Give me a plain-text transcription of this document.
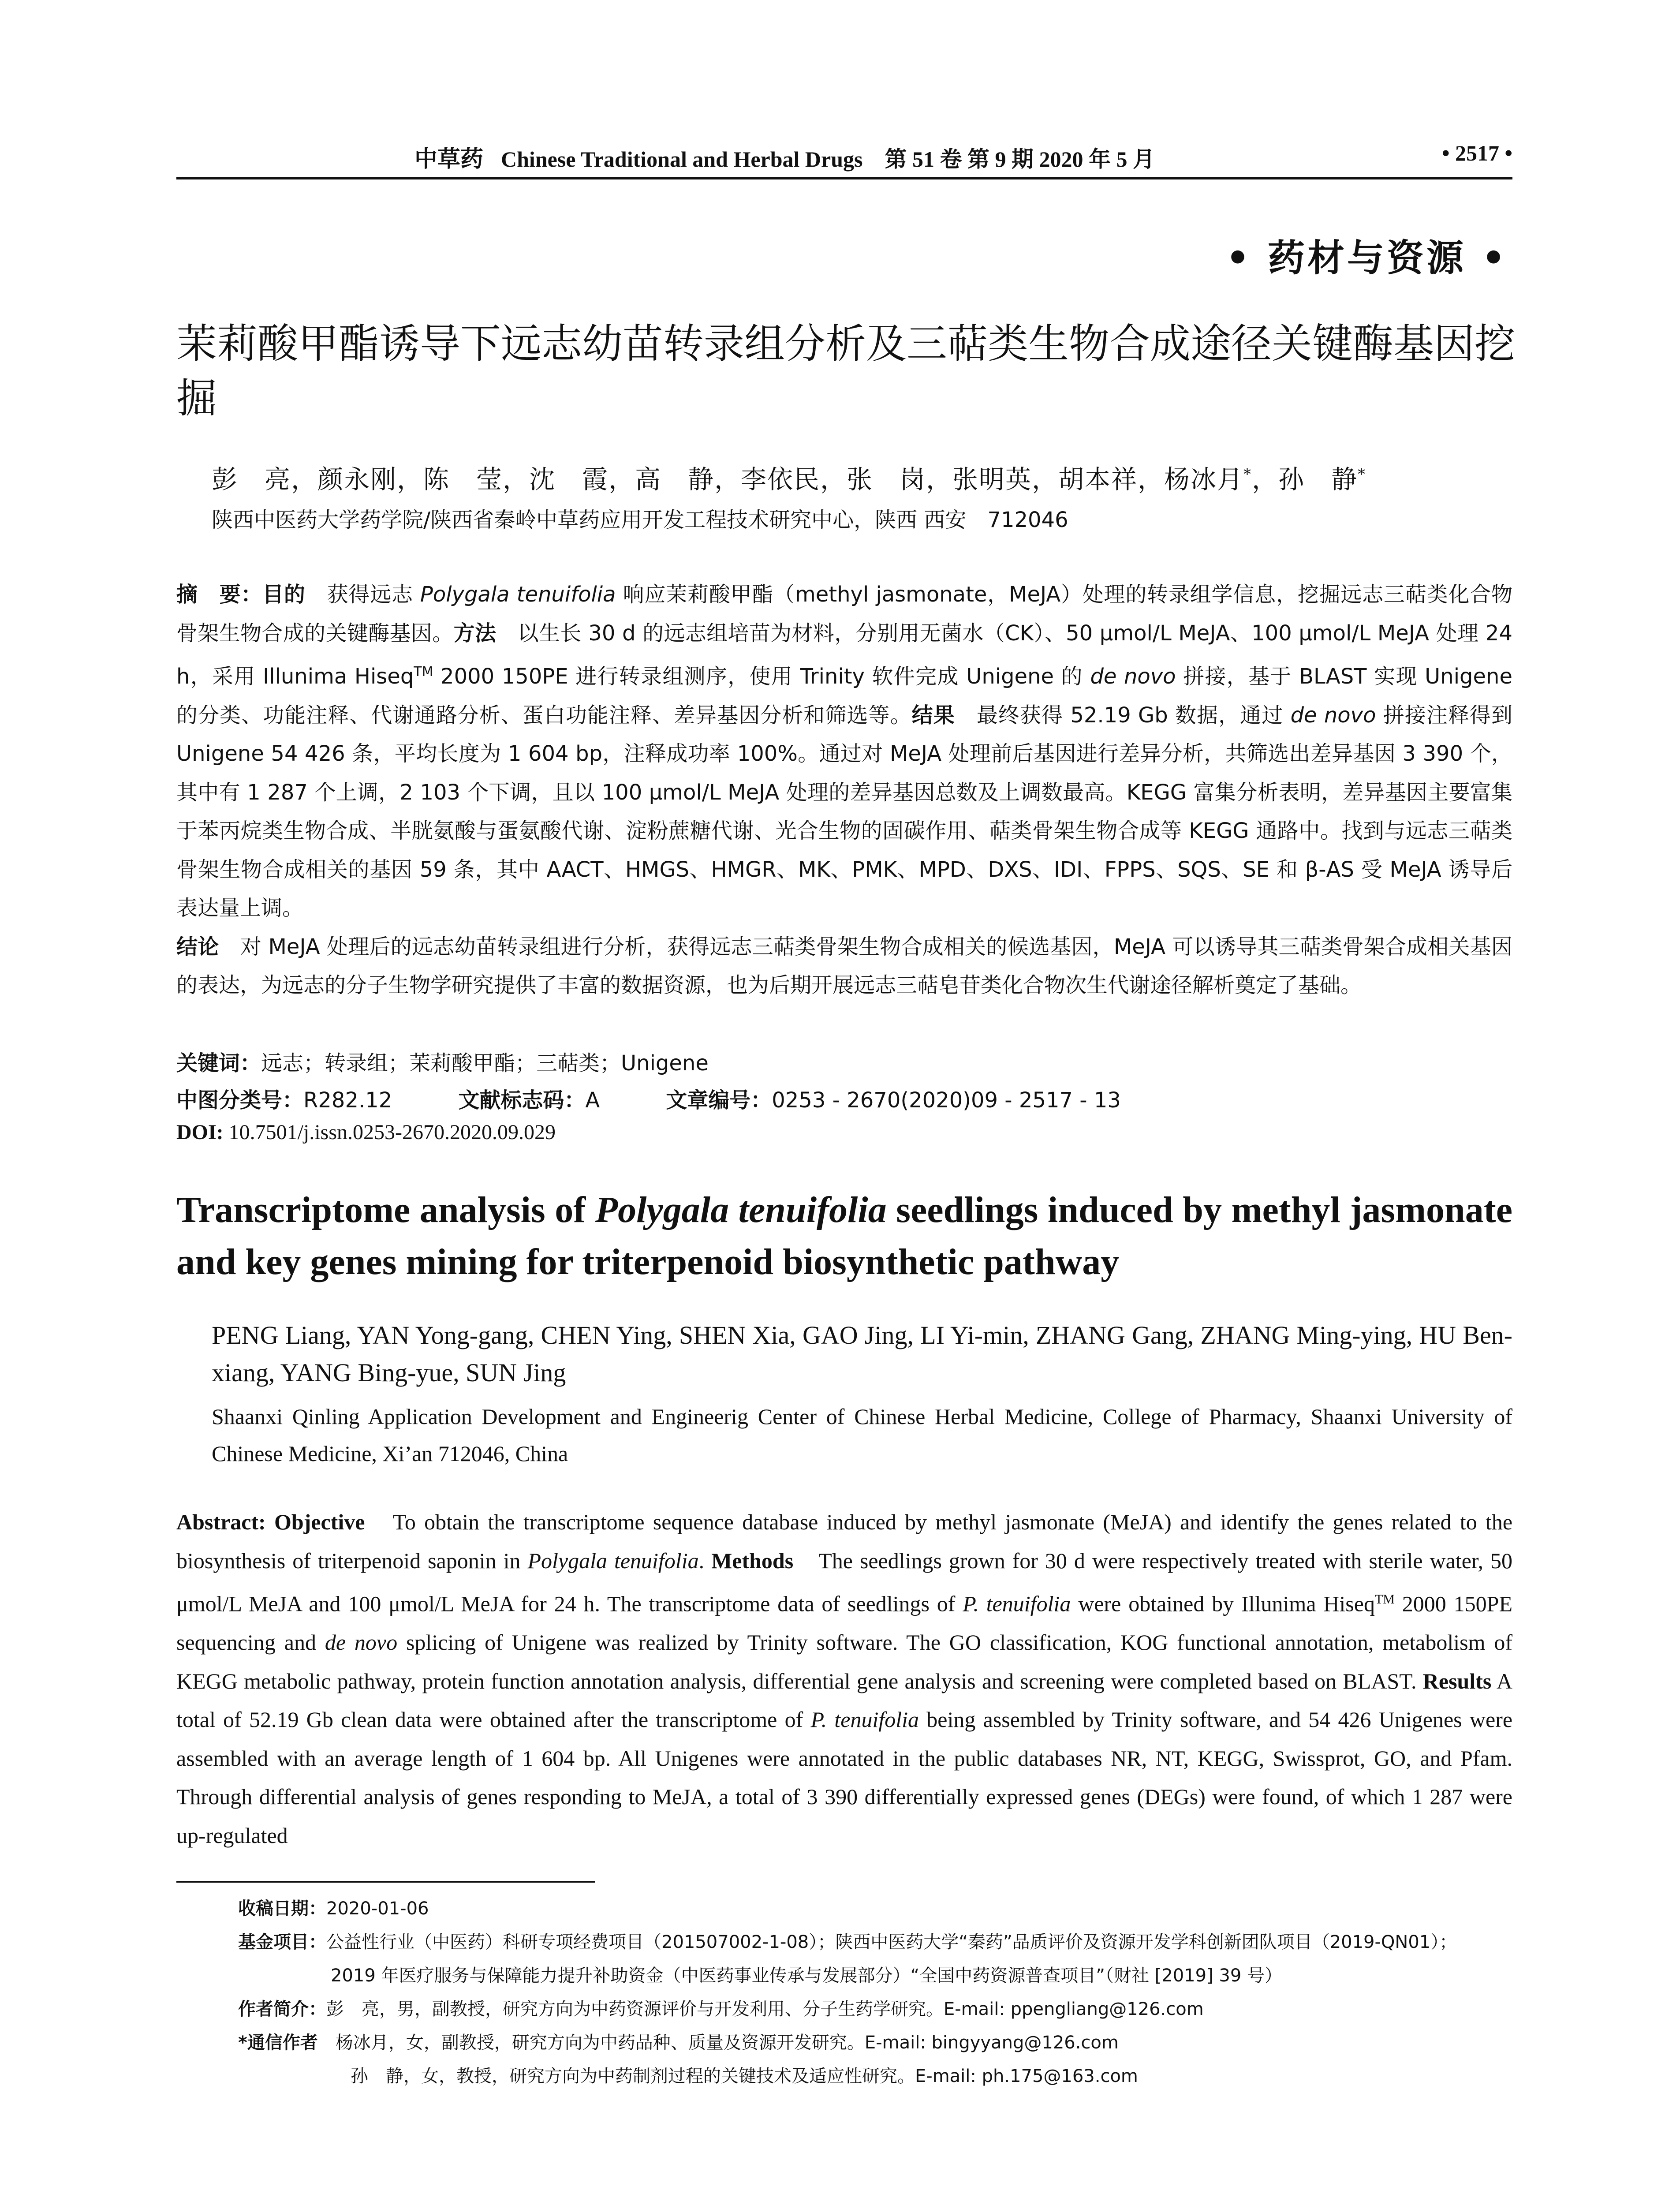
中草药 Chinese Traditional and Herbal Drugs　第 51 卷 第 9 期 2020 年 5 月	• 2517 •
• 药材与资源 •
茉莉酸甲酯诱导下远志幼苗转录组分析及三萜类生物合成途径关键酶基因挖掘
彭　亮，颜永刚，陈　莹，沈　霞，高　静，李依民，张　岗，张明英，胡本祥，杨冰月*，孙　静*
陕西中医药大学药学院/陕西省秦岭中草药应用开发工程技术研究中心，陕西 西安　712046
摘　要：目的　获得远志 Polygala tenuifolia 响应茉莉酸甲酯（methyl jasmonate，MeJA）处理的转录组学信息，挖掘远志三萜类化合物骨架生物合成的关键酶基因。方法　以生长 30 d 的远志组培苗为材料，分别用无菌水（CK）、50 μmol/L MeJA、100 μmol/L MeJA 处理 24 h，采用 Illunima Hiseq™ 2000 150PE 进行转录组测序，使用 Trinity 软件完成 Unigene 的 de novo 拼接，基于 BLAST 实现 Unigene 的分类、功能注释、代谢通路分析、蛋白功能注释、差异基因分析和筛选等。结果　最终获得 52.19 Gb 数据，通过 de novo 拼接注释得到 Unigene 54 426 条，平均长度为 1 604 bp，注释成功率 100%。通过对 MeJA 处理前后基因进行差异分析，共筛选出差异基因 3 390 个，其中有 1 287 个上调，2 103 个下调，且以 100 μmol/L MeJA 处理的差异基因总数及上调数最高。KEGG 富集分析表明，差异基因主要富集于苯丙烷类生物合成、半胱氨酸与蛋氨酸代谢、淀粉蔗糖代谢、光合生物的固碳作用、萜类骨架生物合成等 KEGG 通路中。找到与远志三萜类骨架生物合成相关的基因 59 条，其中 AACT、HMGS、HMGR、MK、PMK、MPD、DXS、IDI、FPPS、SQS、SE 和 β-AS 受 MeJA 诱导后表达量上调。
结论　对 MeJA 处理后的远志幼苗转录组进行分析，获得远志三萜类骨架生物合成相关的候选基因，MeJA 可以诱导其三萜类骨架合成相关基因的表达，为远志的分子生物学研究提供了丰富的数据资源，也为后期开展远志三萜皂苷类化合物次生代谢途径解析奠定了基础。
关键词：远志；转录组；茉莉酸甲酯；三萜类；Unigene
中图分类号：R282.12	文献标志码：A	文章编号：0253 - 2670(2020)09 - 2517 - 13
DOI: 10.7501/j.issn.0253-2670.2020.09.029
Transcriptome analysis of Polygala tenuifolia seedlings induced by methyl jasmonate and key genes mining for triterpenoid biosynthetic pathway
PENG Liang, YAN Yong-gang, CHEN Ying, SHEN Xia, GAO Jing, LI Yi-min, ZHANG Gang, ZHANG Ming-ying, HU Ben-xiang, YANG Bing-yue, SUN Jing
Shaanxi Qinling Application Development and Engineerig Center of Chinese Herbal Medicine, College of Pharmacy, Shaanxi University of Chinese Medicine, Xi’an 712046, China
Abstract: Objective　To obtain the transcriptome sequence database induced by methyl jasmonate (MeJA) and identify the genes related to the biosynthesis of triterpenoid saponin in Polygala tenuifolia. Methods　The seedlings grown for 30 d were respectively treated with sterile water, 50 μmol/L MeJA and 100 μmol/L MeJA for 24 h. The transcriptome data of seedlings of P. tenuifolia were obtained by Illunima Hiseq™ 2000 150PE sequencing and de novo splicing of Unigene was realized by Trinity software. The GO classification, KOG functional annotation, metabolism of KEGG metabolic pathway, protein function annotation analysis, differential gene analysis and screening were completed based on BLAST. Results A total of 52.19 Gb clean data were obtained after the transcriptome of P. tenuifolia being assembled by Trinity software, and 54 426 Unigenes were assembled with an average length of 1 604 bp. All Unigenes were annotated in the public databases NR, NT, KEGG, Swissprot, GO, and Pfam. Through differential analysis of genes responding to MeJA, a total of 3 390 differentially expressed genes (DEGs) were found, of which 1 287 were up-regulated
收稿日期：2020-01-06
基金项目：公益性行业（中医药）科研专项经费项目（201507002-1-08）；陕西中医药大学“秦药”品质评价及资源开发学科创新团队项目（2019-QN01）；
2019 年医疗服务与保障能力提升补助资金（中医药事业传承与发展部分）“全国中药资源普查项目”（财社 [2019] 39 号）
作者简介：彭　亮，男，副教授，研究方向为中药资源评价与开发利用、分子生药学研究。E-mail: ppengliang@126.com
*通信作者　杨冰月，女，副教授，研究方向为中药品种、质量及资源开发研究。E-mail: bingyyang@126.com
孙　静，女，教授，研究方向为中药制剂过程的关键技术及适应性研究。E-mail: ph.175@163.com
